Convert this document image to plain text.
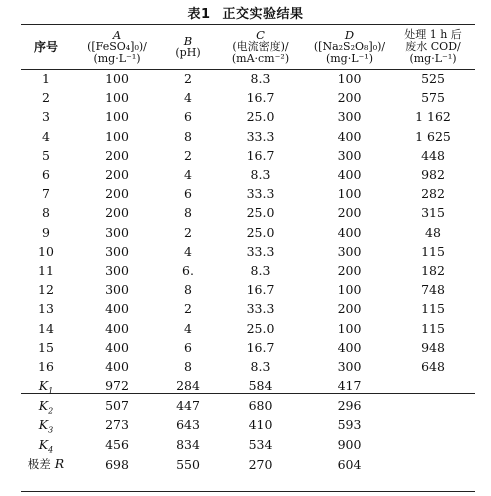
表1 正交实验结果
序号	A
([FeSO₄]₀)/
(mg·L⁻¹)	B
(pH)	C
(电流密度)/
(mA·cm⁻²)	D
([Na₂S₂O₈]₀)/
(mg·L⁻¹)	处理 1 h 后
废水 COD/
(mg·L⁻¹)

1	100	2	8.3	100	525
2	100	4	16.7	200	575
3	100	6	25.0	300	1 162
4	100	8	33.3	400	1 625
5	200	2	16.7	300	448
6	200	4	8.3	400	982
7	200	6	33.3	100	282
8	200	8	25.0	200	315
9	300	2	25.0	400	48
10	300	4	33.3	300	115
11	300	6.	8.3	200	182
12	300	8	16.7	100	748
13	400	2	33.3	200	115
14	400	4	25.0	100	115
15	400	6	16.7	400	948
16	400	8	8.3	300	648
$K_1$	972	284	584	417	
$K_2$	507	447	680	296	
$K_3$	273	643	410	593	
$K_4$	456	834	534	900	
极差 R	698	550	270	604	
